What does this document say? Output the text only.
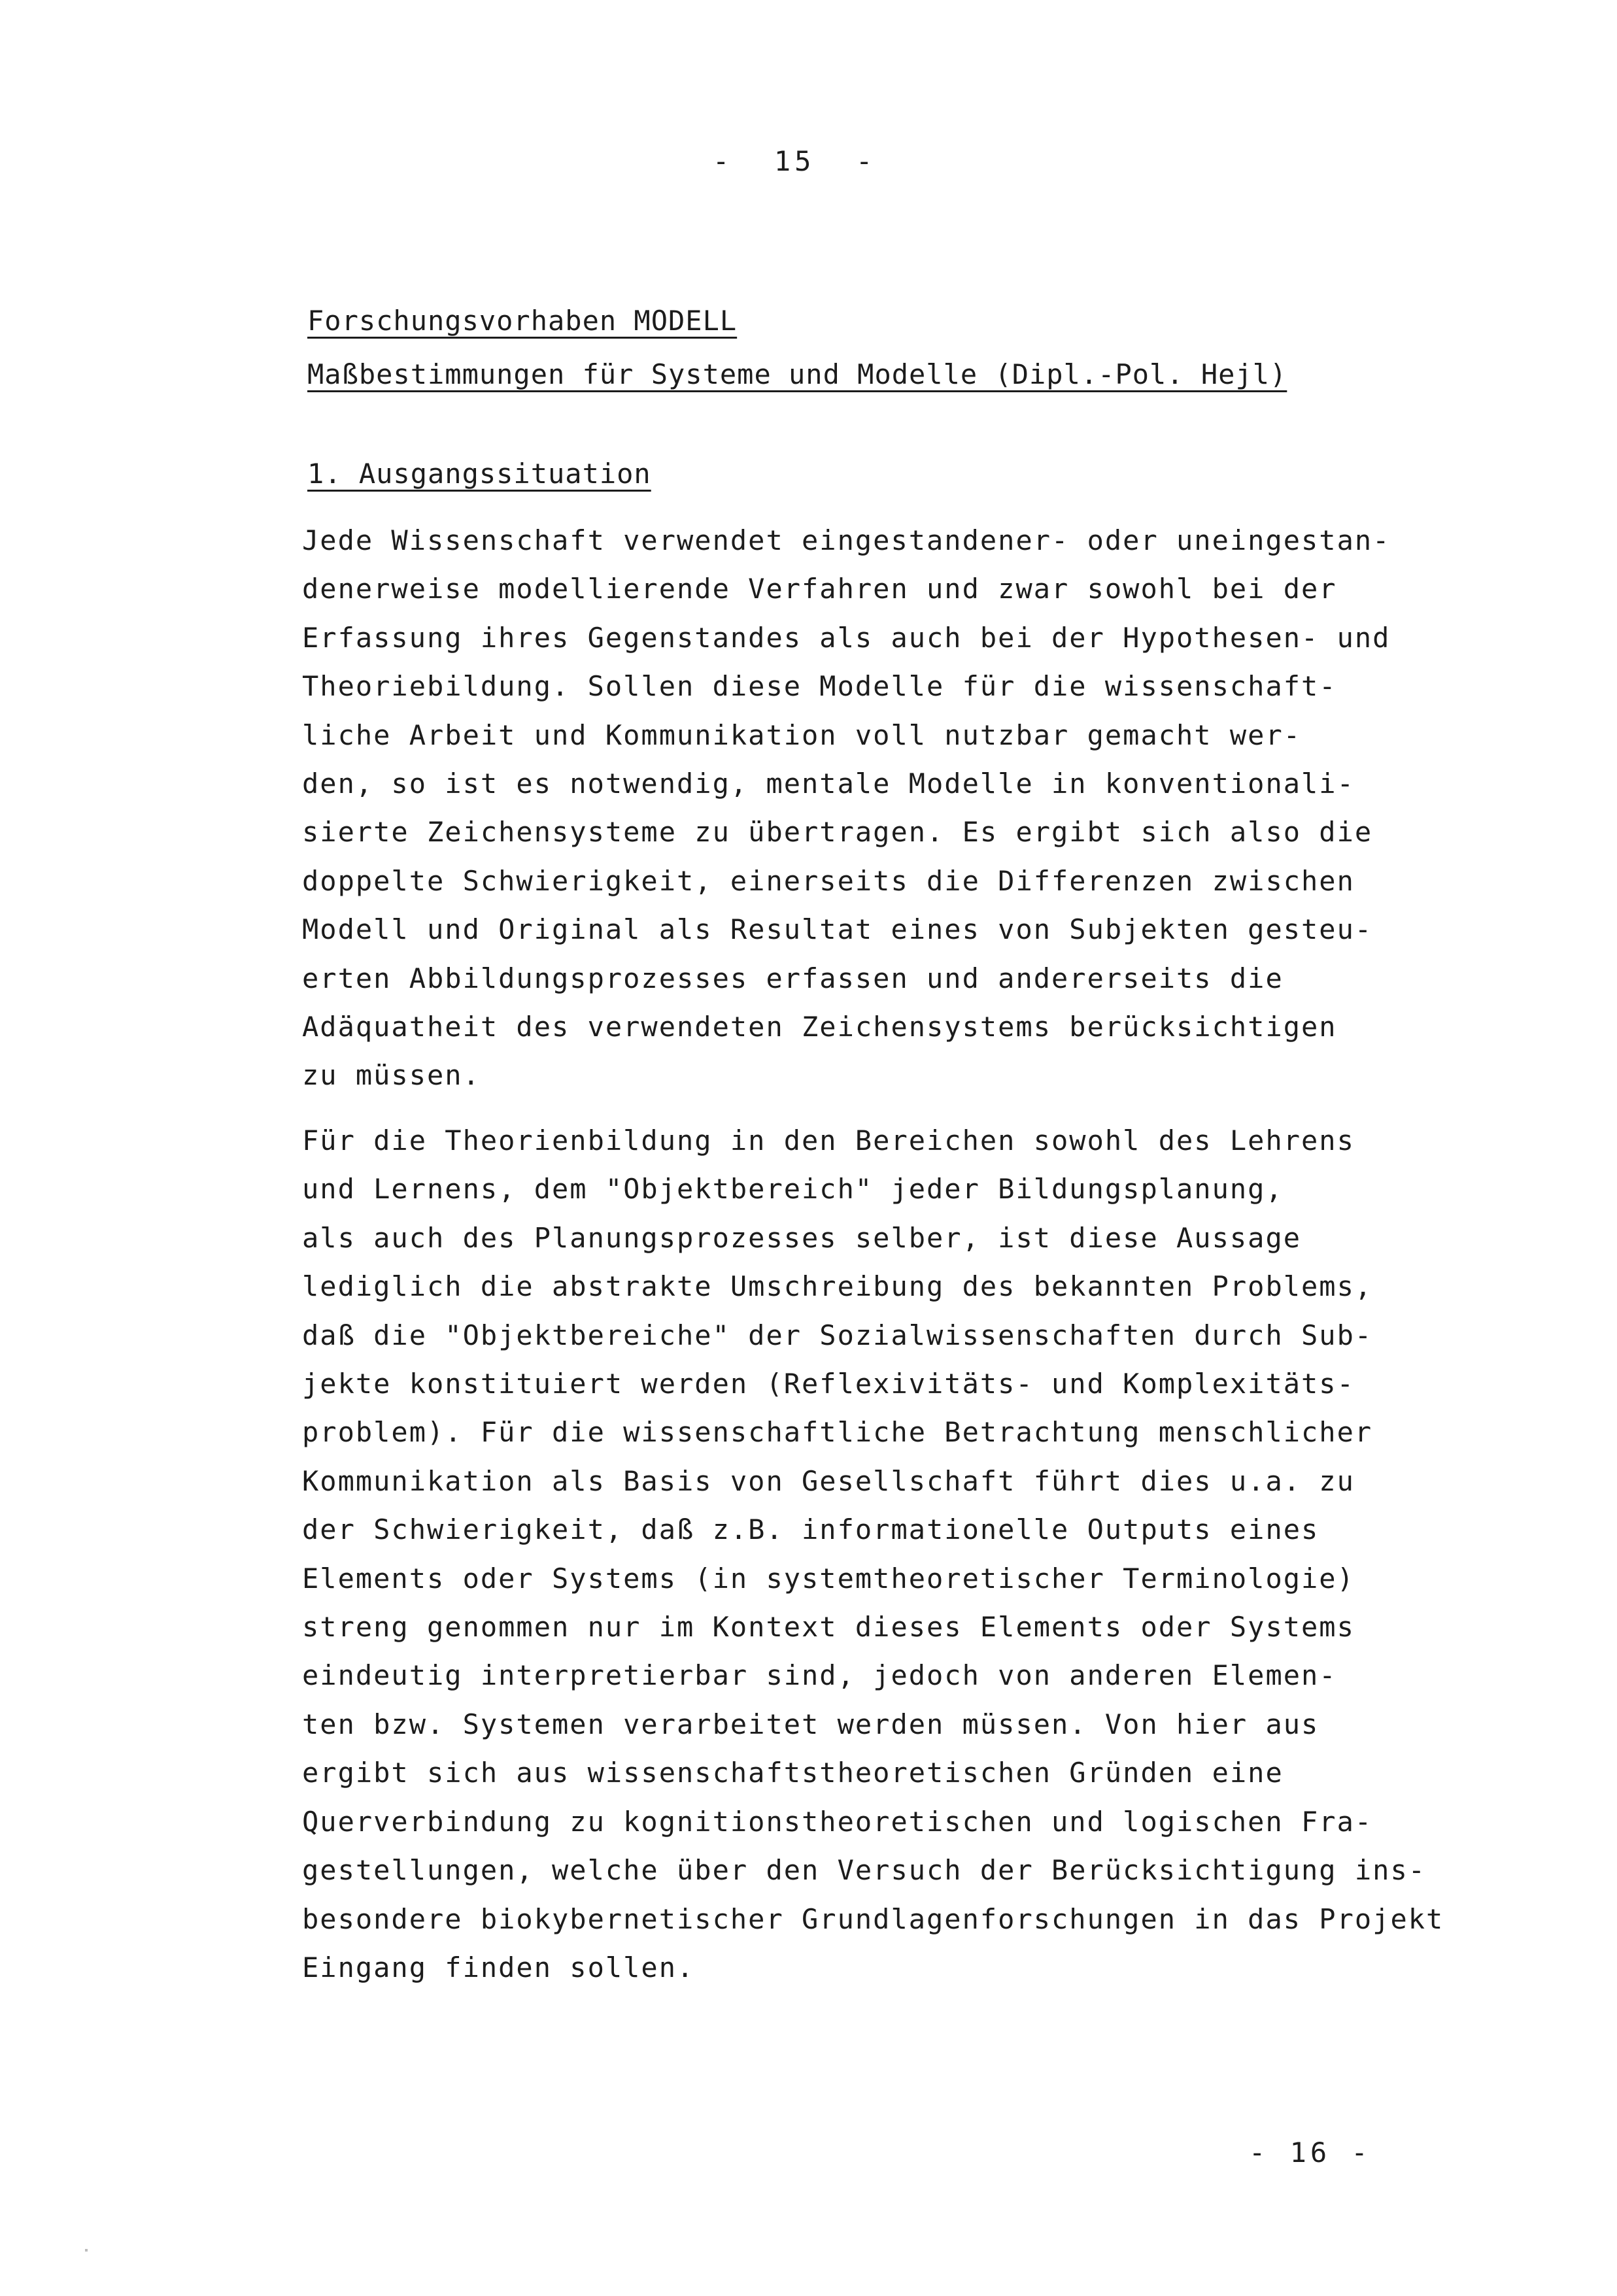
-  15  -
Forschungsvorhaben MODELL
Maßbestimmungen für Systeme und Modelle (Dipl.-Pol. Hejl)
1. Ausgangssituation
Jede Wissenschaft verwendet eingestandener- oder uneingestan-
denerweise modellierende Verfahren und zwar sowohl bei der
Erfassung ihres Gegenstandes als auch bei der Hypothesen- und
Theoriebildung. Sollen diese Modelle für die wissenschaft-
liche Arbeit und Kommunikation voll nutzbar gemacht wer-
den, so ist es notwendig, mentale Modelle in konventionali-
sierte Zeichensysteme zu übertragen. Es ergibt sich also die
doppelte Schwierigkeit, einerseits die Differenzen zwischen
Modell und Original als Resultat eines von Subjekten gesteu-
erten Abbildungsprozesses erfassen und andererseits die
Adäquatheit des verwendeten Zeichensystems berücksichtigen
zu müssen.
Für die Theorienbildung in den Bereichen sowohl des Lehrens
und Lernens, dem "Objektbereich" jeder Bildungsplanung,
als auch des Planungsprozesses selber, ist diese Aussage
lediglich die abstrakte Umschreibung des bekannten Problems,
daß die "Objektbereiche" der Sozialwissenschaften durch Sub-
jekte konstituiert werden (Reflexivitäts- und Komplexitäts-
problem). Für die wissenschaftliche Betrachtung menschlicher
Kommunikation als Basis von Gesellschaft führt dies u.a. zu
der Schwierigkeit, daß z.B. informationelle Outputs eines
Elements oder Systems (in systemtheoretischer Terminologie)
streng genommen nur im Kontext dieses Elements oder Systems
eindeutig interpretierbar sind, jedoch von anderen Elemen-
ten bzw. Systemen verarbeitet werden müssen. Von hier aus
ergibt sich aus wissenschaftstheoretischen Gründen eine
Querverbindung zu kognitionstheoretischen und logischen Fra-
gestellungen, welche über den Versuch der Berücksichtigung ins-
besondere biokybernetischer Grundlagenforschungen in das Projekt
Eingang finden sollen.
- 16 -
